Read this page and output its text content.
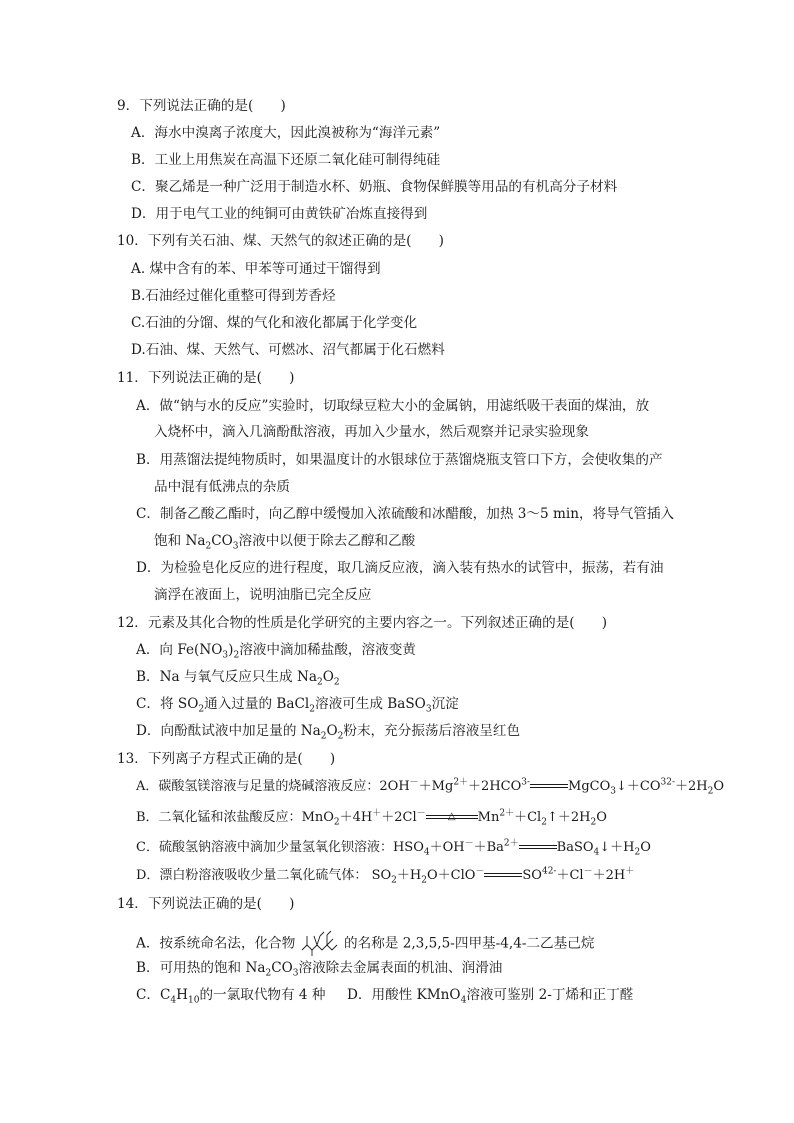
9．下列说法正确的是(　　)
A．海水中溴离子浓度大，因此溴被称为“海洋元素”
B．工业上用焦炭在高温下还原二氧化硅可制得纯硅
C．聚乙烯是一种广泛用于制造水杯、奶瓶、食物保鲜膜等用品的有机高分子材料
D．用于电气工业的纯铜可由黄铁矿冶炼直接得到
10．下列有关石油、煤、天然气的叙述正确的是(　　)
A. 煤中含有的苯、甲苯等可通过干馏得到
B.石油经过催化重整可得到芳香烃
C.石油的分馏、煤的气化和液化都属于化学变化
D.石油、煤、天然气、可燃冰、沼气都属于化石燃料
11．下列说法正确的是(　　)
A．做“钠与水的反应”实验时，切取绿豆粒大小的金属钠，用滤纸吸干表面的煤油，放
入烧杯中，滴入几滴酚酞溶液，再加入少量水，然后观察并记录实验现象
B．用蒸馏法提纯物质时，如果温度计的水银球位于蒸馏烧瓶支管口下方，会使收集的产
品中混有低沸点的杂质
C．制备乙酸乙酯时，向乙醇中缓慢加入浓硫酸和冰醋酸，加热 3～5 min，将导气管插入
饱和 $Na_2CO_3$溶液中以便于除去乙醇和乙酸
D．为检验皂化反应的进行程度，取几滴反应液，滴入装有热水的试管中，振荡，若有油
滴浮在液面上，说明油脂已完全反应
12．元素及其化合物的性质是化学研究的主要内容之一。下列叙述正确的是(　　)
A．向 $Fe(NO_3)_2$溶液中滴加稀盐酸，溶液变黄
B．Na 与氧气反应只生成 $Na_2O_2$
C．将 $SO_2$通入过量的 BaCl$_2$溶液可生成 BaSO$_3$沉淀
D．向酚酞试液中加足量的 $Na_2O_2$粉末，充分振荡后溶液呈红色
13．下列离子方程式正确的是(　　)
A．碳酸氢镁溶液与足量的烧碱溶液反应：$2OH^-+Mg^{2+}+2HCO^{3-}$	$MgCO_3↓+CO^{32-}+2H_2O$
B．二氧化锰和浓盐酸反应：MnO$_2$＋4H＋＋2Cl－	△	$Mn^{2+}+Cl_2↑+2H_2O$
C．硫酸氢钠溶液中滴加少量氢氧化钡溶液：$HSO_4+OH^-+Ba^{2+}$	$BaSO_4↓+H_2O$
D．漂白粉溶液吸收少量二氧化硫气体： $SO_2+H_2O+ClO^-$	$SO^{42-}+Cl^-+2H^+$
14．下列说法正确的是(　　)
A．按系统命名法，化合物	的名称是 2,3,5,5-四甲基-4,4-二乙基己烷
B．可用热的饱和 $Na_2CO_3$溶液除去金属表面的机油、润滑油
C．$C_4H_{10}$的一氯取代物有 4 种 D．用酸性 KMnO$_4$溶液可鉴别 2-丁烯和正丁醛
